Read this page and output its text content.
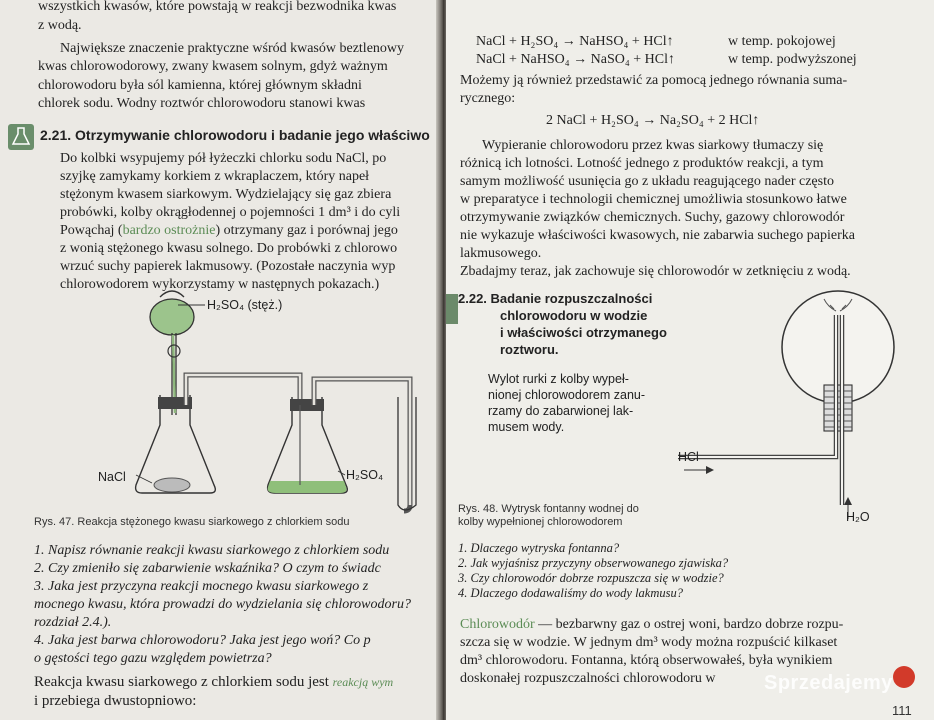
wszystkich kwasów, które powstają w reakcji bezwodnika kwas
z wodą.
Największe znaczenie praktyczne wśród kwasów beztlenowy
kwas chlorowodorowy, zwany kwasem solnym, gdyż ważnym
chlorowodoru była sól kamienna, której głównym składni
chlorek sodu. Wodny roztwór chlorowodoru stanowi kwas
2.21. Otrzymywanie chlorowodoru i badanie jego właściwo
Do kolbki wsypujemy pół łyżeczki chlorku sodu NaCl, po
szyjkę zamykamy korkiem z wkraplaczem, który napeł
stężonym kwasem siarkowym. Wydzielający się gaz zbiera
probówki, kolby okrągłodennej o pojemności 1 dm³ i do cyli
Powąchaj (bardzo ostrożnie) otrzymany gaz i porównaj jego
z wonią stężonego kwasu solnego. Do probówki z chlorowo
wrzuć suchy papierek lakmusowy. (Pozostałe naczynia wyp
chlorowodorem wykorzystamy w następnych pokazach.)
H₂SO₄ (stęż.)
NaCl	H₂SO₄
Rys. 47. Reakcja stężonego kwasu siarkowego z chlorkiem sodu
1. Napisz równanie reakcji kwasu siarkowego z chlorkiem sodu
2. Czy zmieniło się zabarwienie wskaźnika? O czym to świadc
3. Jaka jest przyczyna reakcji mocnego kwasu siarkowego z
mocnego kwasu, która prowadzi do wydzielania się chlorowodoru?
rozdział 2.4.).
4. Jaka jest barwa chlorowodoru? Jaka jest jego woń? Co p
o gęstości tego gazu względem powietrza?
Reakcja kwasu siarkowego z chlorkiem sodu jest reakcją wym
i przebiega dwustopniowo:
NaCl + H₂SO₄ → NaHSO₄ + HCl↑	w temp. pokojowej
NaCl + NaHSO₄ → NaSO₄ + HCl↑	w temp. podwyższonej
Możemy ją również przedstawić za pomocą jednego równania suma-
rycznego:
2 NaCl + H₂SO₄ → Na₂SO₄ + 2 HCl↑
Wypieranie chlorowodoru przez kwas siarkowy tłumaczy się
różnicą ich lotności. Lotność jednego z produktów reakcji, a tym
samym możliwość usunięcia go z układu reagującego nader często
w preparatyce i technologii chemicznej umożliwia stosunkowo łatwe
otrzymywanie związków chemicznych. Suchy, gazowy chlorowodór
nie wykazuje właściwości kwasowych, nie zabarwia suchego papierka
lakmusowego.
Zbadajmy teraz, jak zachowuje się chlorowodór w zetknięciu z wodą.
2.22. Badanie rozpuszczalności
chlorowodoru w wodzie
i właściwości otrzymanego
roztworu.
Wylot rurki z kolby wypeł-
nionej chlorowodorem zanu-
rzamy do zabarwionej lak-
musem wody.
HCl
H₂O
Rys. 48. Wytrysk fontanny wodnej do
kolby wypełnionej chlorowodorem
1. Dlaczego wytryska fontanna?
2. Jak wyjaśnisz przyczyny obserwowanego zjawiska?
3. Czy chlorowodór dobrze rozpuszcza się w wodzie?
4. Dlaczego dodawaliśmy do wody lakmusu?
Chlorowodór — bezbarwny gaz o ostrej woni, bardzo dobrze rozpu-
szcza się w wodzie. W jednym dm³ wody można rozpuścić kilkaset
dm³ chlorowodoru. Fontanna, którą obserwowałeś, była wynikiem
doskonałej rozpuszczalności chlorowodoru w
111
Sprzedajemy
